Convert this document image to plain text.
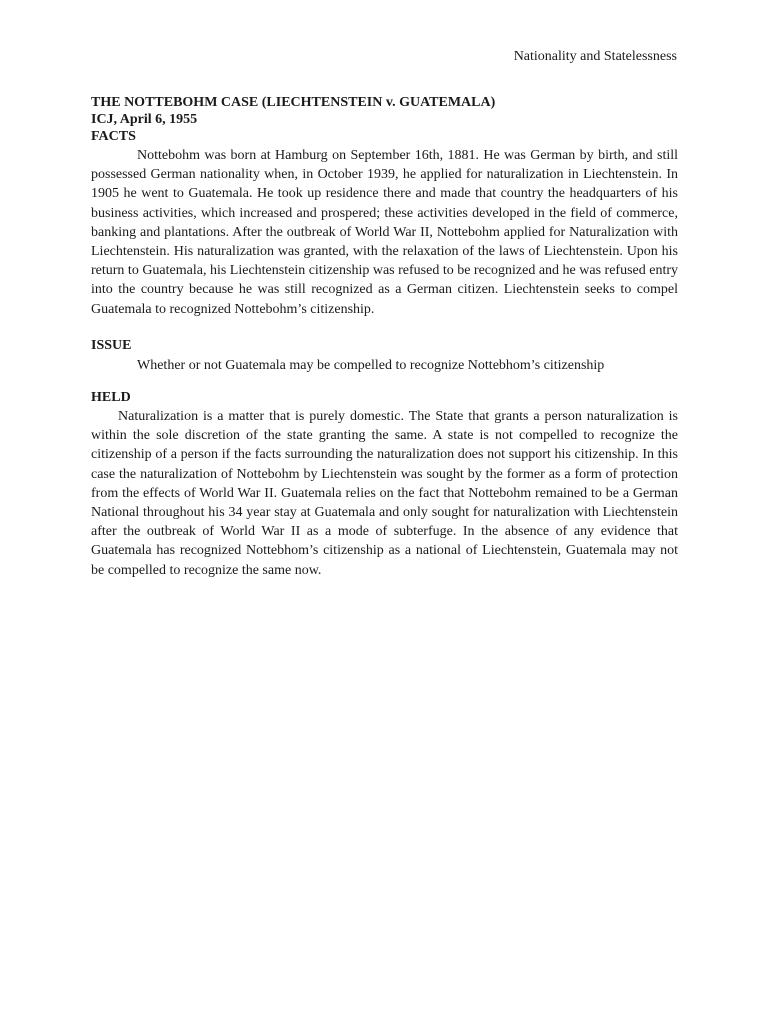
Nationality and Statelessness

THE NOTTEBOHM CASE (LIECHTENSTEIN v. GUATEMALA)

ICJ, April 6, 1955

FACTS

Nottebohm was born at Hamburg on September 16th, 1881. He was German by birth, and still possessed German nationality when, in October 1939, he applied for naturalization in Liechtenstein. In 1905 he went to Guatemala. He took up residence there and made that country the headquarters of his business activities, which increased and prospered; these activities developed in the field of commerce, banking and plantations. After the outbreak of World War II, Nottebohm applied for Naturalization with Liechtenstein. His naturalization was granted, with the relaxation of the laws of Liechtenstein. Upon his return to Guatemala, his Liechtenstein citizenship was refused to be recognized and he was refused entry into the country because he was still recognized as a German citizen. Liechtenstein seeks to compel Guatemala to recognized Nottebohm’s citizenship.

ISSUE

Whether or not Guatemala may be compelled to recognize Nottebhom’s citizenship

HELD

Naturalization is a matter that is purely domestic. The State that grants a person naturalization is within the sole discretion of the state granting the same. A state is not compelled to recognize the citizenship of a person if the facts surrounding the naturalization does not support his citizenship. In this case the naturalization of Nottebohm by Liechtenstein was sought by the former as a form of protection from the effects of World War II. Guatemala relies on the fact that Nottebohm remained to be a German National throughout his 34 year stay at Guatemala and only sought for naturalization with Liechtenstein after the outbreak of World War II as a mode of subterfuge. In the absence of any evidence that Guatemala has recognized Nottebhom’s citizenship as a national of Liechtenstein, Guatemala may not be compelled to recognize the same now.
